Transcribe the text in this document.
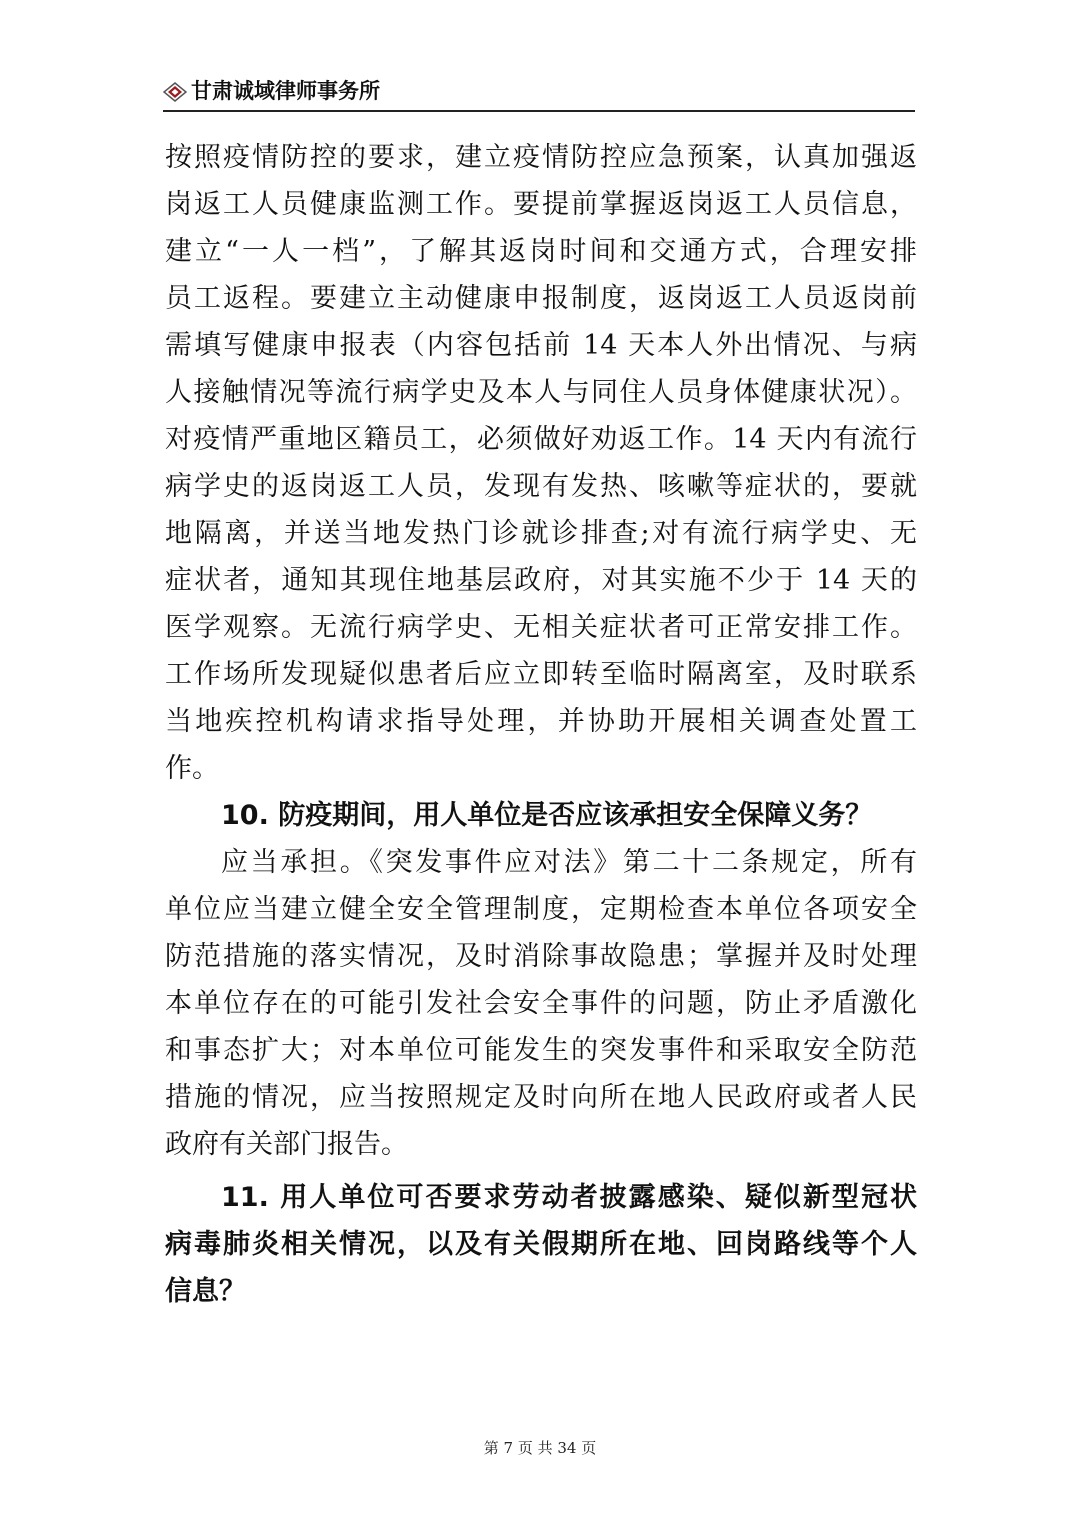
甘肃诚域律师事务所
按照疫情防控的要求，建立疫情防控应急预案，认真加强返
岗返工人员健康监测工作。要提前掌握返岗返工人员信息，
建立“一人一档”，了解其返岗时间和交通方式，合理安排
员工返程。要建立主动健康申报制度，返岗返工人员返岗前
需填写健康申报表（内容包括前 14 天本人外出情况、与病
人接触情况等流行病学史及本人与同住人员身体健康状况）。
对疫情严重地区籍员工，必须做好劝返工作。14 天内有流行
病学史的返岗返工人员，发现有发热、咳嗽等症状的，要就
地隔离，并送当地发热门诊就诊排查;对有流行病学史、无
症状者，通知其现住地基层政府，对其实施不少于 14 天的
医学观察。无流行病学史、无相关症状者可正常安排工作。
工作场所发现疑似患者后应立即转至临时隔离室，及时联系
当地疾控机构请求指导处理，并协助开展相关调查处置工
作。
10. 防疫期间，用人单位是否应该承担安全保障义务？
应当承担。《突发事件应对法》第二十二条规定，所有
单位应当建立健全安全管理制度，定期检查本单位各项安全
防范措施的落实情况，及时消除事故隐患；掌握并及时处理
本单位存在的可能引发社会安全事件的问题，防止矛盾激化
和事态扩大；对本单位可能发生的突发事件和采取安全防范
措施的情况，应当按照规定及时向所在地人民政府或者人民
政府有关部门报告。
11. 用人单位可否要求劳动者披露感染、疑似新型冠状
病毒肺炎相关情况，以及有关假期所在地、回岗路线等个人
信息？
第 7 页 共 34 页
